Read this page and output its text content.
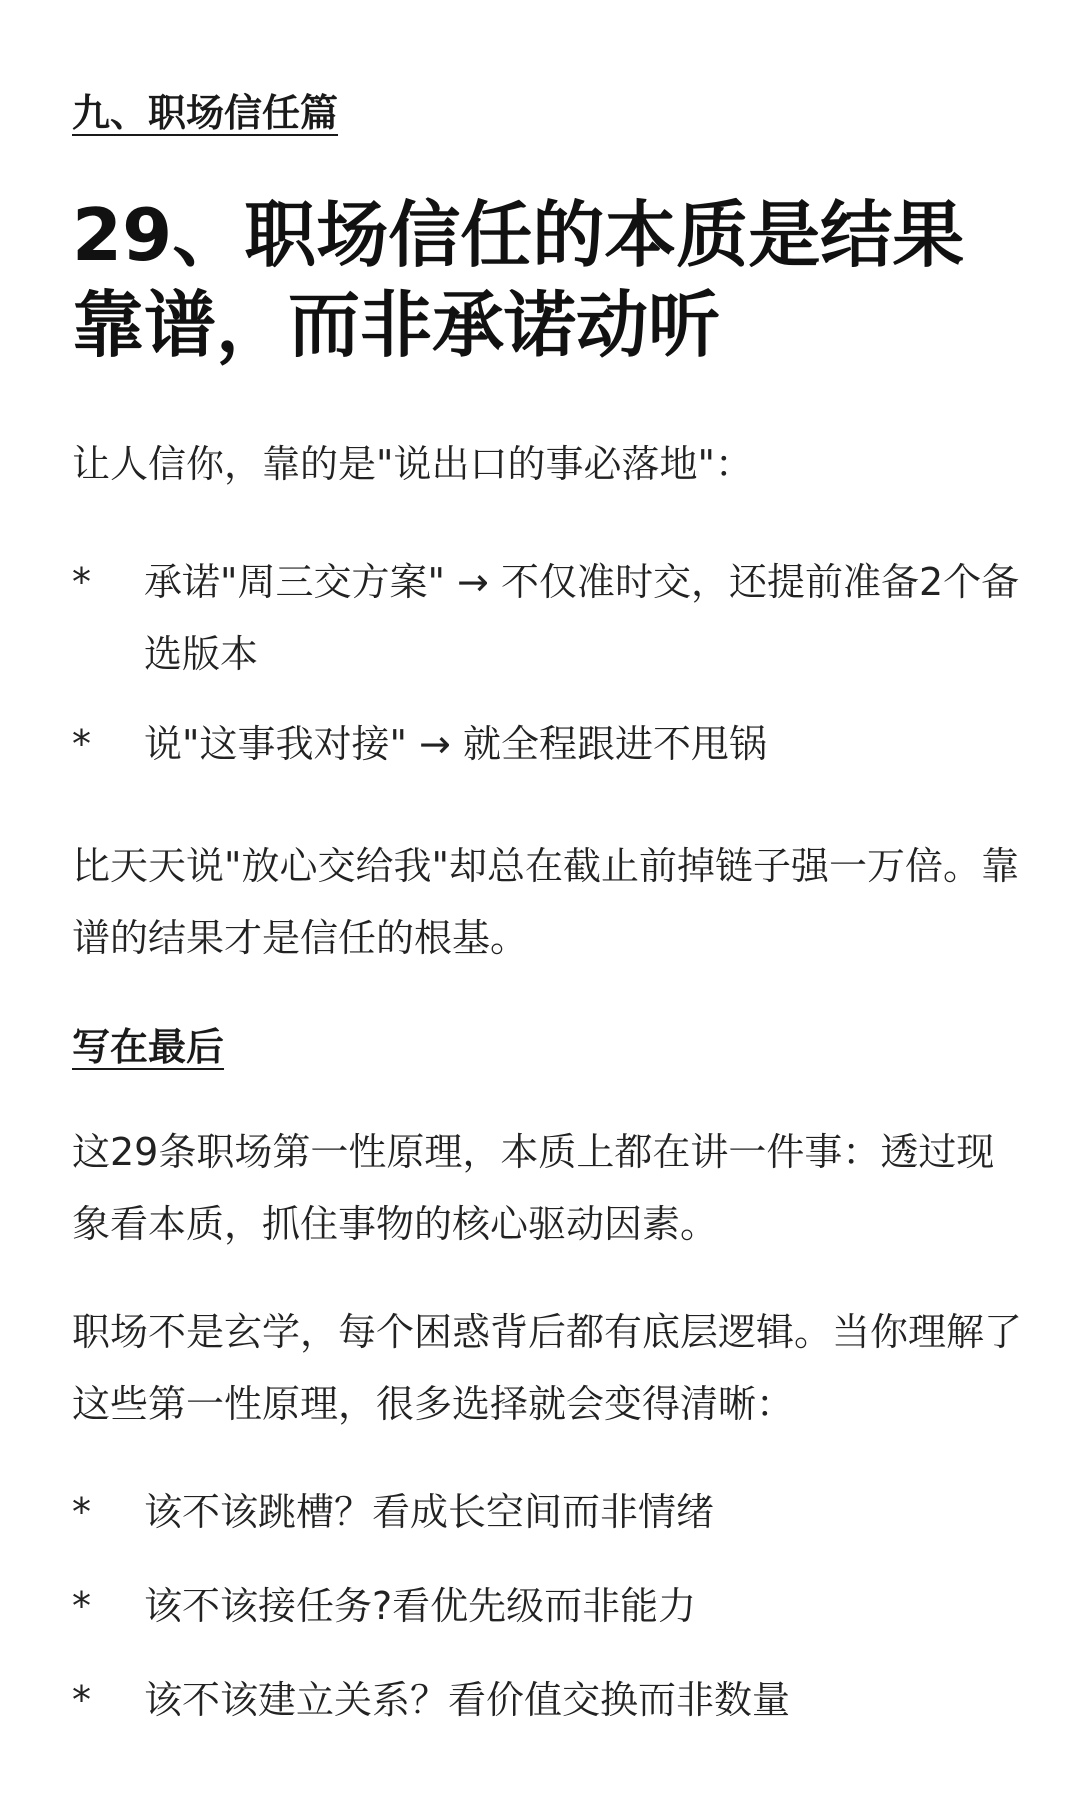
九、职场信任篇
29、职场信任的本质是结果靠谱，而非承诺动听

让人信你，靠的是"说出口的事必落地"：

* 承诺"周三交方案" → 不仅准时交，还提前准备2个备选版本
* 说"这事我对接" → 就全程跟进不甩锅

比天天说"放心交给我"却总在截止前掉链子强一万倍。靠谱的结果才是信任的根基。

写在最后

这29条职场第一性原理，本质上都在讲一件事：透过现象看本质，抓住事物的核心驱动因素。

职场不是玄学，每个困惑背后都有底层逻辑。当你理解了这些第一性原理，很多选择就会变得清晰：

* 该不该跳槽？看成长空间而非情绪
* 该不该接任务?看优先级而非能力
* 该不该建立关系？看价值交换而非数量
